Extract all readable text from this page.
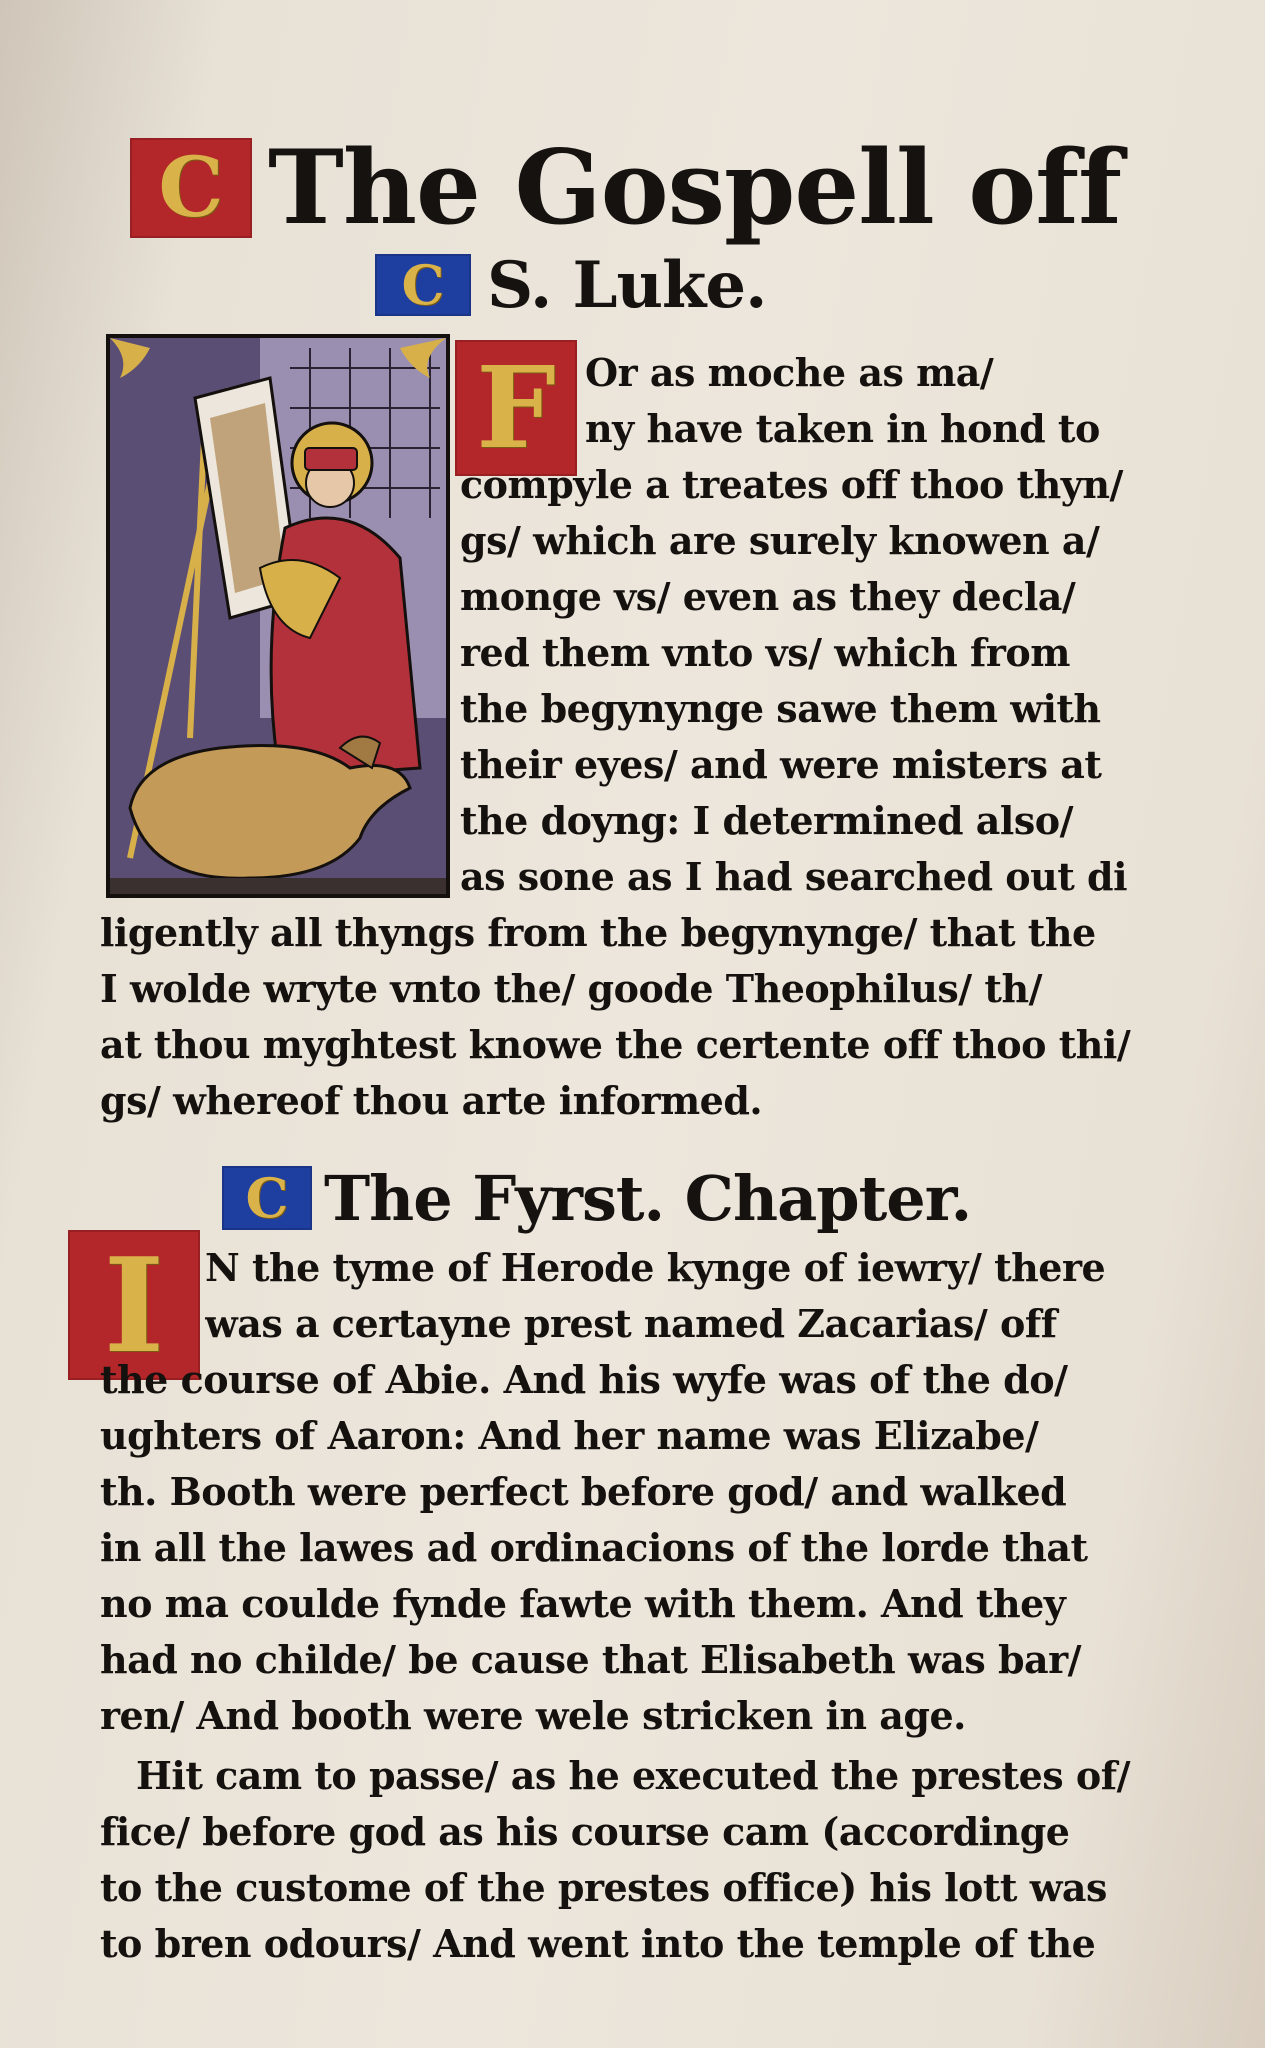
C The Gospell off
C S. Luke.
F Or as moche as ma/
ny have taken in hond to
compyle a treates off thoo thyn/
gs/ which are surely knowen a/
monge vs/ even as they decla/
red them vnto vs/ which from
the begynynge sawe them with
their eyes/ and were misters at
the doyng: I determined also/
as sone as I had searched out di
ligently all thyngs from the begynynge/ that the
I wolde wryte vnto the/ goode Theophilus/ th/
at thou myghtest knowe the certente off thoo thi/
gs/ whereof thou arte informed.
C The Fyrst. Chapter.
I	N the tyme of Herode kynge of iewry/ there
was a certayne prest named Zacarias/ off
the course of Abie. And his wyfe was of the do/
ughters of Aaron: And her name was Elizabe/
th. Booth were perfect before god/ and walked
in all the lawes ad ordinacions of the lorde that
no ma coulde fynde fawte with them. And they
had no childe/ be cause that Elisabeth was bar/
ren/ And booth were wele stricken in age.
Hit cam to passe/ as he executed the prestes of/
fice/ before god as his course cam (accordinge
to the custome of the prestes office) his lott was
to bren odours/ And went into the temple of the
